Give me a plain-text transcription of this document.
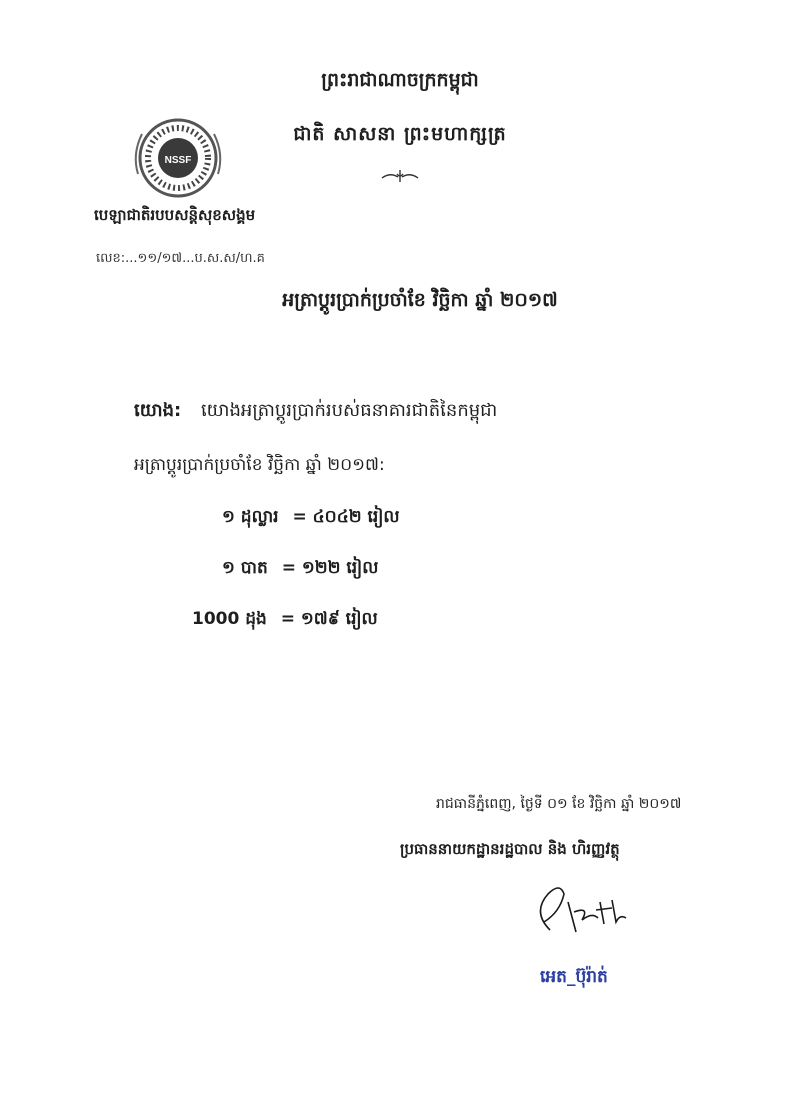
ព្រះរាជាណាចក្រកម្ពុជា
ជាតិ សាសនា ព្រះមហាក្សត្រ
NSSF
បេឡាជាតិរបបសន្តិសុខសង្គម
លេខ:...១១/១៧...ប.ស.ស/ហ.គ
អត្រាប្តូរប្រាក់ប្រចាំខែ វិច្ឆិកា ឆ្នាំ ២០១៧
យោង: យោងអត្រាប្តូរប្រាក់របស់ធនាគារជាតិនៃកម្ពុជា
អត្រាប្តូរប្រាក់ប្រចាំខែ វិច្ឆិកា ឆ្នាំ ២០១៧:
១ ដុល្លារ = ៤០៤២ រៀល
១ បាត = ១២២ រៀល
1000 ដុង = ១៧៩ រៀល
រាជធានីភ្នំពេញ, ថ្ងៃទី ០១ ខែ វិច្ឆិកា ឆ្នាំ ២០១៧
ប្រធាននាយកដ្ឋានរដ្ឋបាល និង ហិរញ្ញវត្ថុ
អេត_ប៊ុរ៉ាត់
